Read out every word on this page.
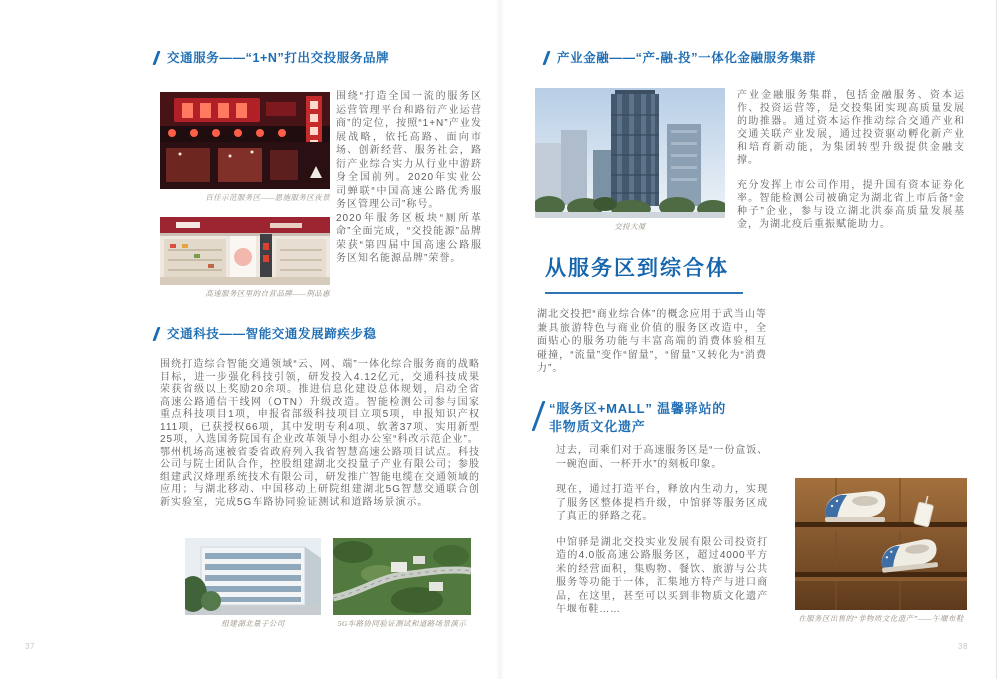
交通服务——“1+N”打出交投服务品牌
百佳示范服务区——恩施服务区夜景
高速服务区里的自营品牌——荆品惠

围绕“打造全国一流的服务区运营管理平台和路衍产业运营商”的定位，按照“1+N”产业发展战略，依托高路、面向市场、创新经营、服务社会，路衍产业综合实力从行业中游跻身全国前列。2020年实业公司蝉联“中国高速公路优秀服务区管理公司”称号。

2020年服务区板块“厕所革命”全面完成，“交投能源”品牌荣获“第四届中国高速公路服务区知名能源品牌”荣誉。

交通科技——智能交通发展蹄疾步稳

围绕打造综合智能交通领域“云、网、端”一体化综合服务商的战略目标，进一步强化科技引领，研发投入4.12亿元，交通科技成果荣获省级以上奖励20余项。推进信息化建设总体规划，启动全省高速公路通信干线网（OTN）升级改造。智能检测公司参与国家重点科技项目1项，申报省部级科技项目立项5项，申报知识产权111项，已获授权66项，其中发明专利4项、软著37项、实用新型25项，入选国务院国有企业改革领导小组办公室“科改示范企业”。

鄂州机场高速被省委省政府列入我省智慧高速公路项目试点。科技公司与院士团队合作，控股组建湖北交投量子产业有限公司；参股组建武汉烽理系统技术有限公司，研发推广智能电缆在交通领域的应用；与湖北移动、中国移动上研院组建湖北5G智慧交通联合创新实验室，完成5G车路协同验证测试和道路场景演示。

组建湖北量子公司	5G车路协同验证测试和道路场景演示
37
产业金融——“产-融-投”一体化金融服务集群
交投大厦

产业金融服务集群，包括金融服务、资本运作、投资运营等，是交投集团实现高质量发展的助推器。通过资本运作推动综合交通产业和交通关联产业发展，通过投资驱动孵化新产业和培育新动能，为集团转型升级提供金融支撑。

充分发挥上市公司作用，提升国有资本证券化率。智能检测公司被确定为湖北省上市后备“金种子”企业，参与设立湖北洪泰高质量发展基金，为湖北疫后重振赋能助力。

从服务区到综合体

湖北交投把“商业综合体”的概念应用于武当山等兼具旅游特色与商业价值的服务区改造中，全面贴心的服务功能与丰富高端的消费体验相互碰撞，“流量”变作“留量”，“留量”又转化为“消费力”。

“服务区+MALL” 温馨驿站的
非物质文化遗产

过去，司乘们对于高速服务区是“一份盒饭、一碗泡面、一杯开水”的刻板印象。

现在，通过打造平台，释放内生动力，实现了服务区整体提档升级，中馆驿等服务区成了真正的驿路之花。

中馆驿是湖北交投实业发展有限公司投资打造的4.0版高速公路服务区，超过4000平方米的经营面积，集购物、餐饮、旅游与公共服务等功能于一体，汇集地方特产与进口商品，在这里，甚至可以买到非物质文化遗产午堰布鞋……

在服务区出售的“非物质文化遗产”——午堰布鞋
38
